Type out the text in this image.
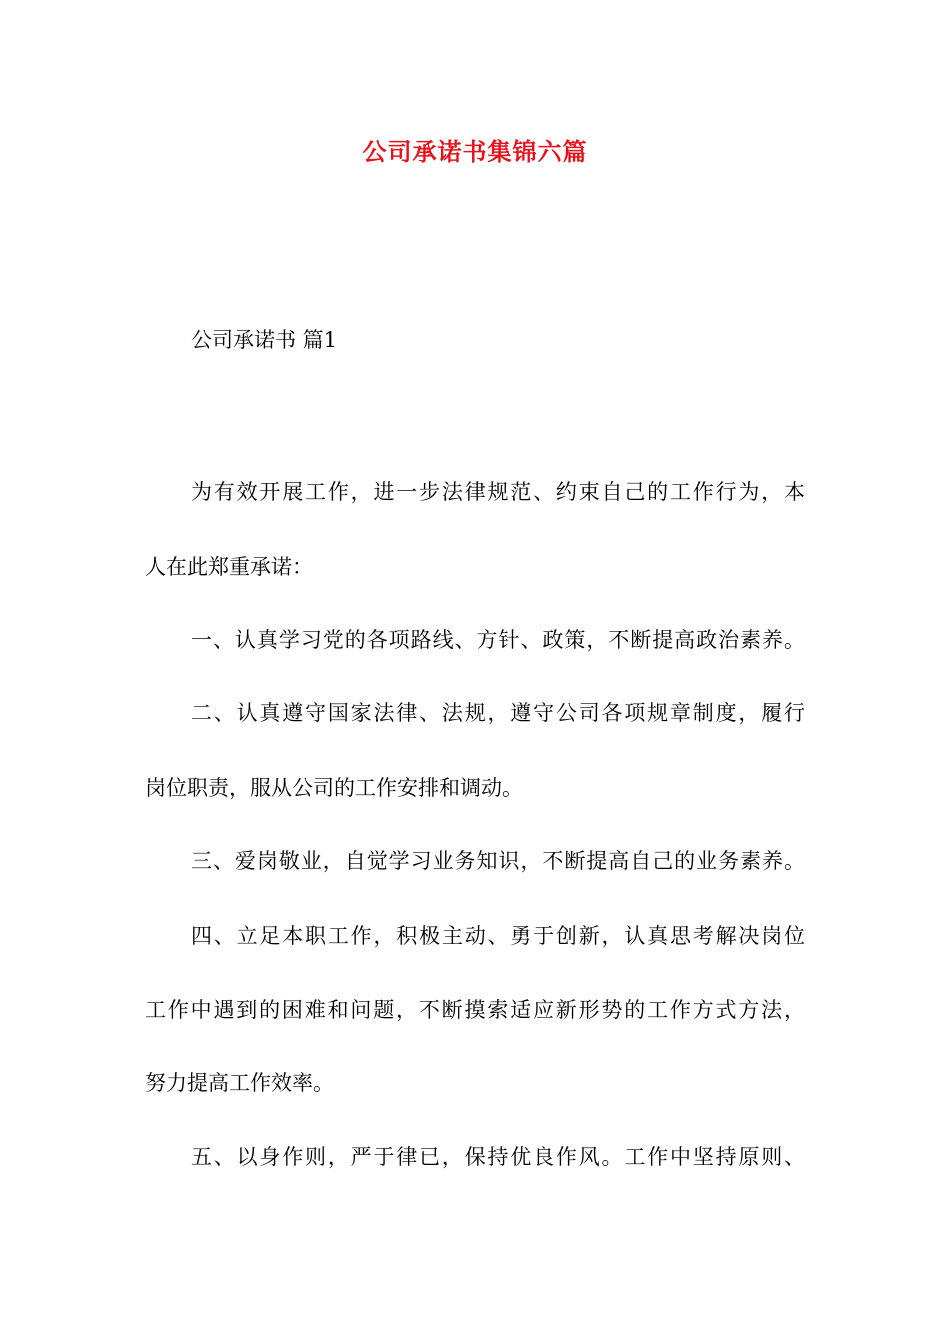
公司承诺书集锦六篇

公司承诺书 篇1

为有效开展工作，进一步法律规范、约束自己的工作行为，本

人在此郑重承诺：

一、认真学习党的各项路线、方针、政策，不断提高政治素养。

二、认真遵守国家法律、法规，遵守公司各项规章制度，履行

岗位职责，服从公司的工作安排和调动。

三、爱岗敬业，自觉学习业务知识，不断提高自己的业务素养。

四、立足本职工作，积极主动、勇于创新，认真思考解决岗位

工作中遇到的困难和问题，不断摸索适应新形势的工作方式方法，

努力提高工作效率。

五、以身作则，严于律已，保持优良作风。工作中坚持原则、
